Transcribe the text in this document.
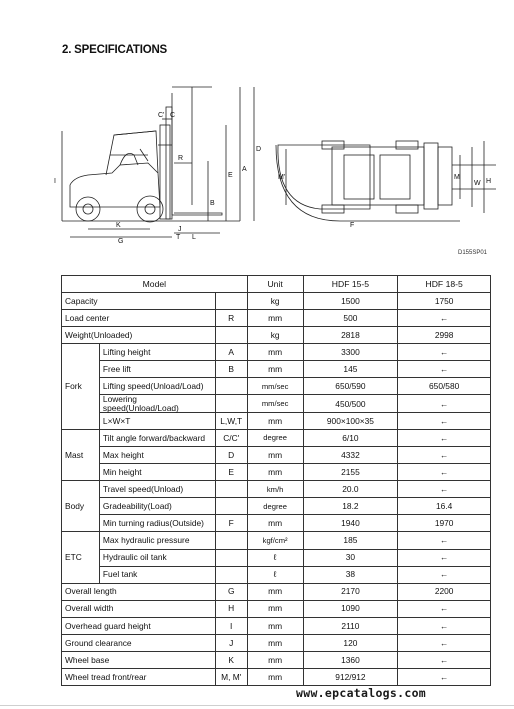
2. SPECIFICATIONS
C' C
R
D
A
E
I
B
J
K
G
T L
M'	M
W H
F
D155SP01
Model			Unit	HDF 15-5	HDF 18-5
Capacity			kg	1500	1750
Load center		R	mm	500	←
Weight(Unloaded)			kg	2818	2998
Fork	Lifting height	A	mm	3300	←
	Free lift	B	mm	145	←
	Lifting speed(Unload/Load)		mm/sec	650/590	650/580
	Lowering speed(Unload/Load)		mm/sec	450/500	←
	L×W×T	L,W,T	mm	900×100×35	←
Mast	Tilt angle forward/backward	C/C'	degree	6/10	←
	Max height	D	mm	4332	←
	Min height	E	mm	2155	←
Body	Travel speed(Unload)		km/h	20.0	←
	Gradeability(Load)		degree	18.2	16.4
	Min turning radius(Outside)	F	mm	1940	1970
ETC	Max hydraulic pressure		kgf/cm²	185	←
	Hydraulic oil tank		ℓ	30	←
	Fuel tank		ℓ	38	←
Overall length		G	mm	2170	2200
Overall width		H	mm	1090	←
Overhead guard height		I	mm	2110	←
Ground clearance		J	mm	120	←
Wheel base		K	mm	1360	←
Wheel tread front/rear		M, M'	mm	912/912	←
www.epcatalogs.com
